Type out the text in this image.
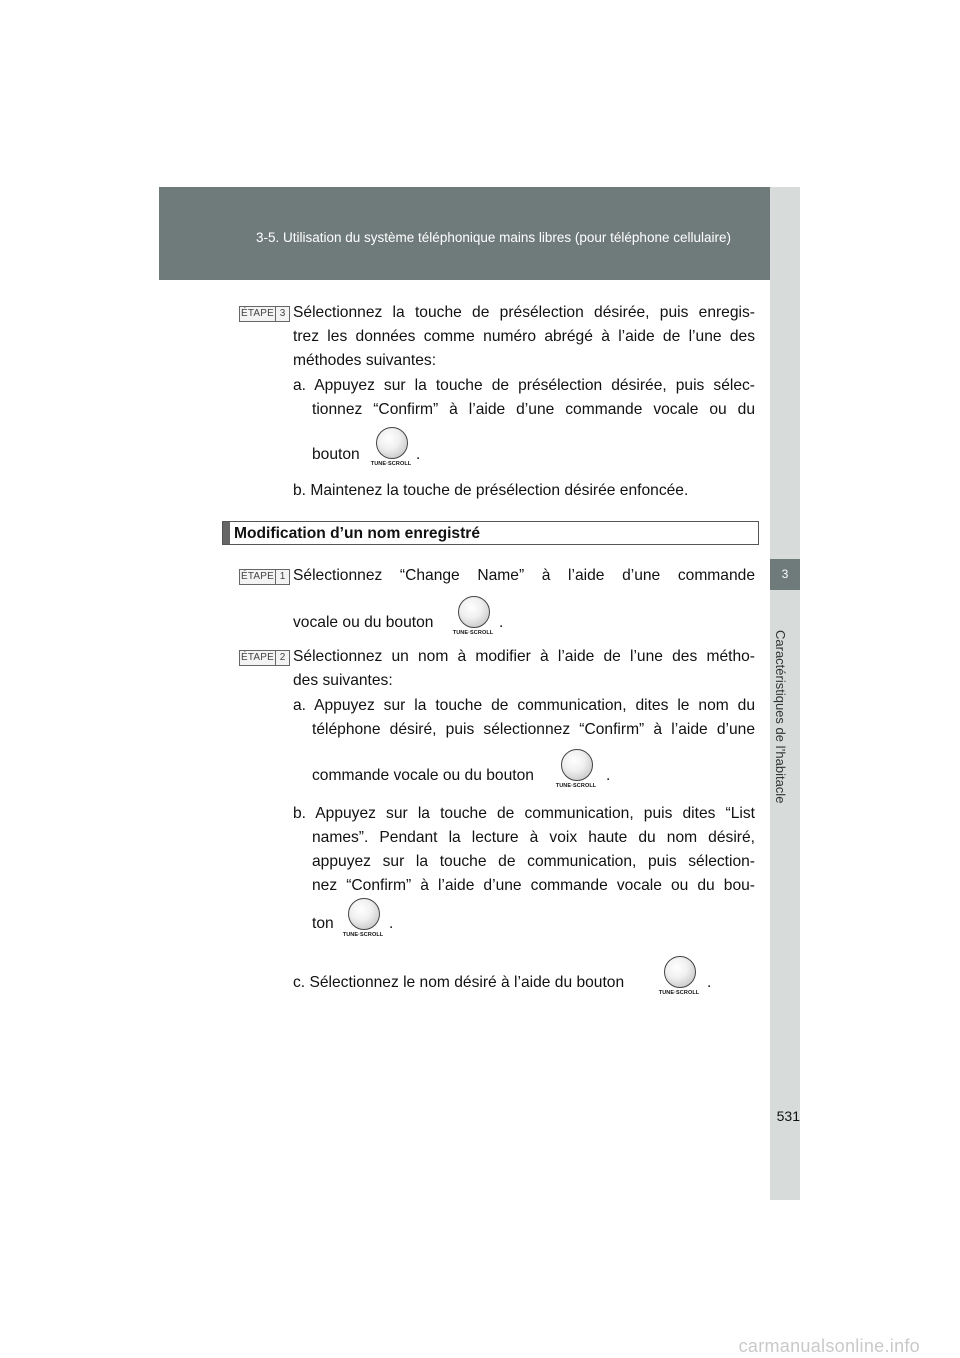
3-5. Utilisation du système téléphonique mains libres (pour téléphone cellulaire)
3
Caractéristiques de l’habitacle
ÉTAPE 3 Sélectionnez la touche de présélection désirée, puis enregis-
trez les données comme numéro abrégé à l’aide de l’une des
méthodes suivantes:
a. Appuyez sur la touche de présélection désirée, puis sélec-
tionnez “Confirm” à l’aide d’une commande vocale ou du
bouton
TUNE·SCROLL
.
b. Maintenez la touche de présélection désirée enfoncée.
Modification d’un nom enregistré
ÉTAPE 1 Sélectionnez “Change Name” à l’aide d’une commande
vocale ou du bouton
TUNE·SCROLL
.
ÉTAPE 2 Sélectionnez un nom à modifier à l’aide de l’une des métho-
des suivantes:
a. Appuyez sur la touche de communication, dites le nom du
téléphone désiré, puis sélectionnez “Confirm” à l’aide d’une
commande vocale ou du bouton
TUNE·SCROLL
.
b. Appuyez sur la touche de communication, puis dites “List
names”. Pendant la lecture à voix haute du nom désiré,
appuyez sur la touche de communication, puis sélection-
nez “Confirm” à l’aide d’une commande vocale ou du bou-
ton
TUNE·SCROLL
.
c. Sélectionnez le nom désiré à l’aide du bouton
TUNE·SCROLL
.
531
carmanualsonline.info
